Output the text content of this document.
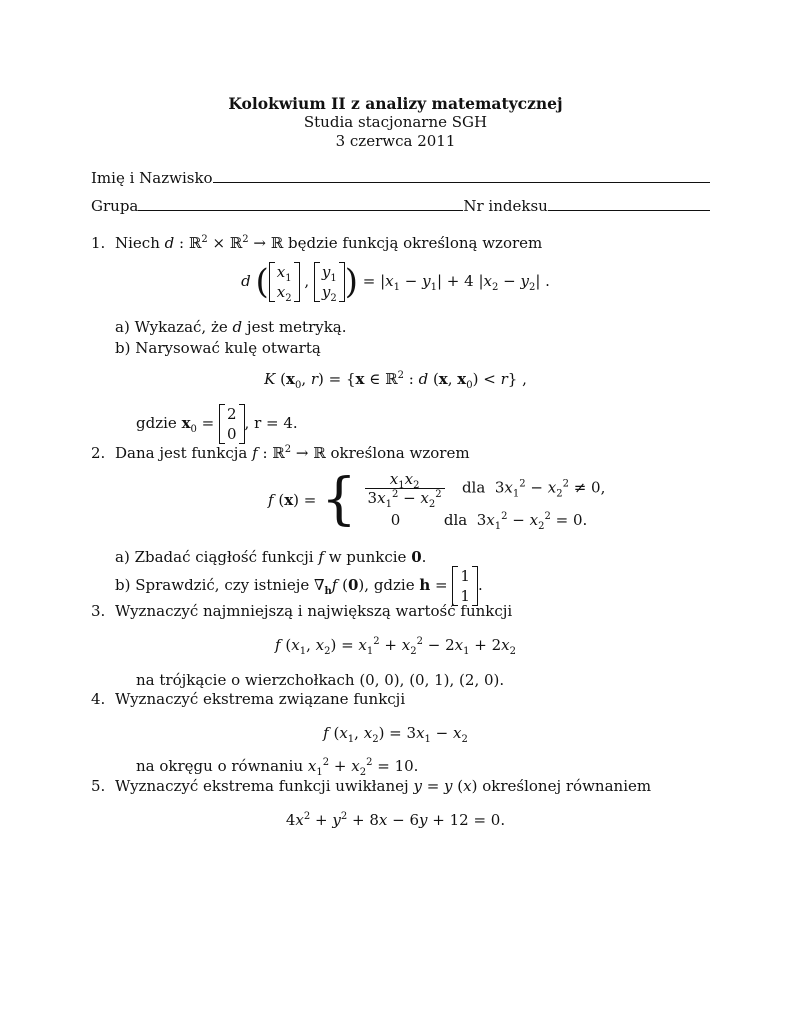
Kolokwium II z analizy matematycznej
Studia stacjonarne SGH
3 czerwca 2011
Imię i Nazwisko
Grupa	Nr indeksu
1. Niech d : ℝ$^2$ × ℝ$^2$ → ℝ będzie funkcją określoną wzorem
d ( $x_1$
$x_2$ , $y_1$
$y_2$ ) = $|x_1 - y_1| + 4$ $|x_2 - y_2|$ .
a) Wykazać, że d jest metryką.
b) Narysować kulę otwartą
K ($x_0$, r) = {x ∈ ℝ$^2$ : d (x, $x_0) < r$} ,
gdzie $x_0 = 2$
0, r = 4.
2. Dana jest funkcja f : ℝ$^2$ → ℝ określona wzorem
f (x) = { $\frac{x_1x_2}{3x_1^2 - x_2^2}$ dla  $3x_1^2 - x_2^2 \ne 0$,
0	dla  $3x_1^2 - x_2^2 = 0$.
a) Zbadać ciągłość funkcji f w punkcie 0.
b) Sprawdzić, czy istnieje $\nabla_hf$ (0), gdzie h = 1
1.
3. Wyznaczyć najmniejszą i największą wartość funkcji
f ($x_1$, $x_2) = x_1^2 + x_2^2 - 2x_1 + 2x_2$
na trójkącie o wierzchołkach (0, 0), (0, 1), (2, 0).
4. Wyznaczyć ekstrema związane funkcji
f ($x_1$, $x_2) = 3x_1 - x_2$
na okręgu o równaniu $x_1^2 + x_2^2 = 10$.
5. Wyznaczyć ekstrema funkcji uwikłanej y = y (x) określonej równaniem
$4x^2 + y^2 + 8x - 6y + 12 = 0$.
